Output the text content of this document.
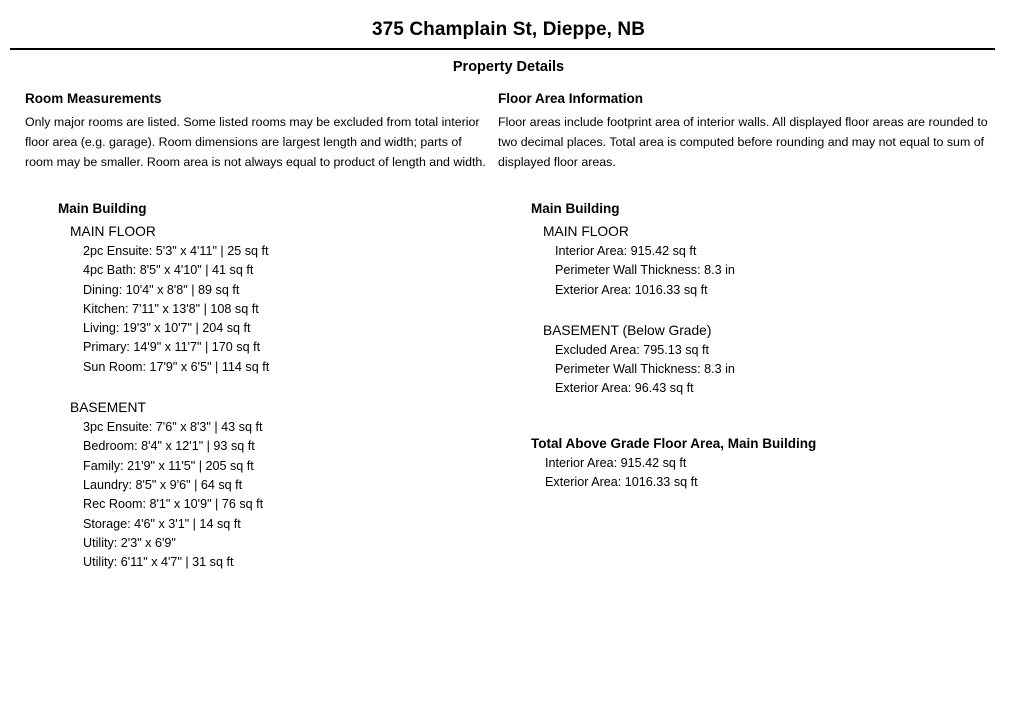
375 Champlain St, Dieppe, NB
Property Details
Room Measurements

Only major rooms are listed. Some listed rooms may be excluded from total interior floor area (e.g. garage). Room dimensions are largest length and width; parts of room may be smaller. Room area is not always equal to product of length and width.

Main Building
MAIN FLOOR
2pc Ensuite: 5'3" x 4'11" | 25 sq ft
4pc Bath: 8'5" x 4'10" | 41 sq ft
Dining: 10'4" x 8'8" | 89 sq ft
Kitchen: 7'11" x 13'8" | 108 sq ft
Living: 19'3" x 10'7" | 204 sq ft
Primary: 14'9" x 11'7" | 170 sq ft
Sun Room: 17'9" x 6'5" | 114 sq ft
BASEMENT
3pc Ensuite: 7'6" x 8'3" | 43 sq ft
Bedroom: 8'4" x 12'1" | 93 sq ft
Family: 21'9" x 11'5" | 205 sq ft
Laundry: 8'5" x 9'6" | 64 sq ft
Rec Room: 8'1" x 10'9" | 76 sq ft
Storage: 4'6" x 3'1" | 14 sq ft
Utility: 2'3" x 6'9"
Utility: 6'11" x 4'7" | 31 sq ft
Floor Area Information

Floor areas include footprint area of interior walls. All displayed floor areas are rounded to two decimal places. Total area is computed before rounding and may not equal to sum of displayed floor areas.

Main Building
MAIN FLOOR
Interior Area: 915.42 sq ft
Perimeter Wall Thickness: 8.3 in
Exterior Area: 1016.33 sq ft
BASEMENT (Below Grade)
Excluded Area: 795.13 sq ft
Perimeter Wall Thickness: 8.3 in
Exterior Area: 96.43 sq ft
Total Above Grade Floor Area, Main Building
Interior Area: 915.42 sq ft
Exterior Area: 1016.33 sq ft
